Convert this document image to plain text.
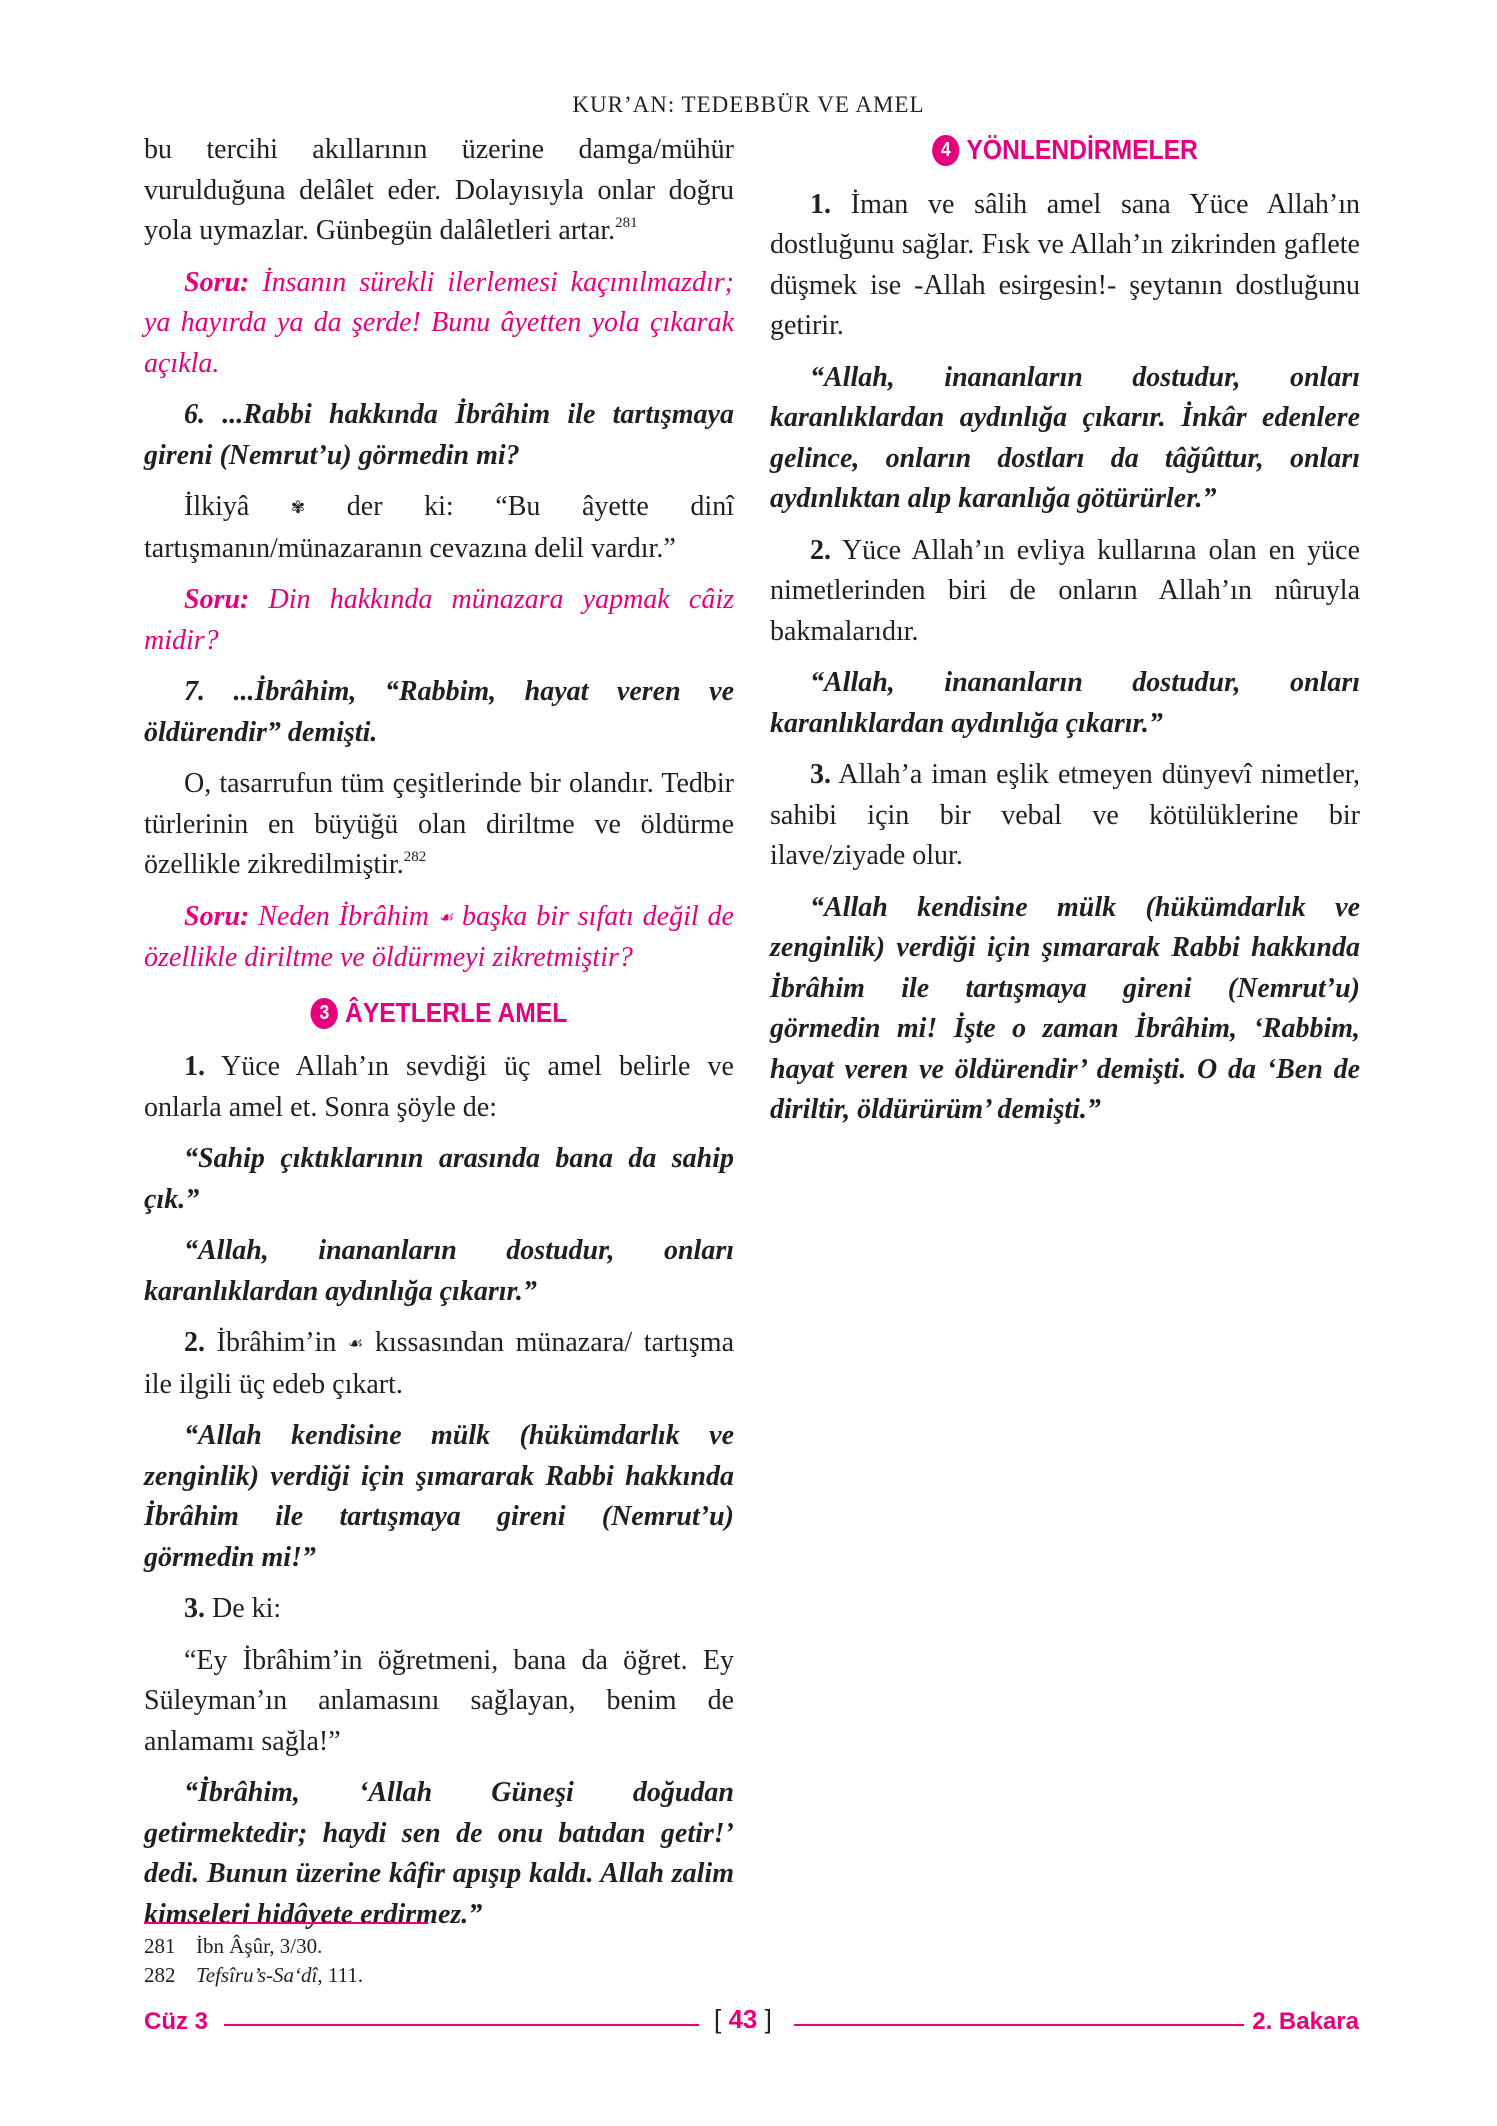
KUR’AN: TEDEBBÜR VE AMEL

bu tercihi akıllarının üzerine damga/mühür vurulduğuna delâlet eder. Dolayısıyla onlar doğru yola uymazlar. Günbegün dalâletleri artar.$^{281}$

Soru: İnsanın sürekli ilerlemesi kaçınılmazdır; ya hayırda ya da şerde! Bunu âyetten yola çıkarak açıkla.

6. ...Rabbi hakkında İbrâhim ile tartışmaya gireni (Nemrut’u) görmedin mi?

İlkiyâ ✾ der ki: “Bu âyette dinî tartışmanın/münazaranın cevazına delil vardır.”

Soru: Din hakkında münazara yapmak câiz midir?

7. ...İbrâhim, “Rabbim, hayat veren ve öldürendir” demişti.

O, tasarrufun tüm çeşitlerinde bir olandır. Tedbir türlerinin en büyüğü olan diriltme ve öldürme özellikle zikredilmiştir.$^{282}$

Soru: Neden İbrâhim ☙ başka bir sıfatı değil de özellikle diriltme ve öldürmeyi zikretmiştir?

3 ÂYETLERLE AMEL

1. Yüce Allah’ın sevdiği üç amel belirle ve onlarla amel et. Sonra şöyle de:

“Sahip çıktıklarının arasında bana da sahip çık.”

“Allah, inananların dostudur, onları karanlıklardan aydınlığa çıkarır.”

2. İbrâhim’in ☙ kıssasından münazara/ tartışma ile ilgili üç edeb çıkart.

“Allah kendisine mülk (hükümdarlık ve zenginlik) verdiği için şımararak Rabbi hakkında İbrâhim ile tartışmaya gireni (Nemrut’u) görmedin mi!”

3. De ki:

“Ey İbrâhim’in öğretmeni, bana da öğret. Ey Süleyman’ın anlamasını sağlayan, benim de anlamamı sağla!”

“İbrâhim, ‘Allah Güneşi doğudan getirmektedir; haydi sen de onu batıdan getir!’ dedi. Bunun üzerine kâfir apışıp kaldı. Allah zalim kimseleri hidâyete erdirmez.”

4 YÖNLENDİRMELER

1. İman ve sâlih amel sana Yüce Allah’ın dostluğunu sağlar. Fısk ve Allah’ın zikrinden gaflete düşmek ise -Allah esirgesin!- şeytanın dostluğunu getirir.

“Allah, inananların dostudur, onları karanlıklardan aydınlığa çıkarır. İnkâr edenlere gelince, onların dostları da tâğûttur, onları aydınlıktan alıp karanlığa götürürler.”

2. Yüce Allah’ın evliya kullarına olan en yüce nimetlerinden biri de onların Allah’ın nûruyla bakmalarıdır.

“Allah, inananların dostudur, onları karanlıklardan aydınlığa çıkarır.”

3. Allah’a iman eşlik etmeyen dünyevî nimetler, sahibi için bir vebal ve kötülüklerine bir ilave/ziyade olur.

“Allah kendisine mülk (hükümdarlık ve zenginlik) verdiği için şımararak Rabbi hakkında İbrâhim ile tartışmaya gireni (Nemrut’u) görmedin mi! İşte o zaman İbrâhim, ‘Rabbim, hayat veren ve öldürendir’ demişti. O da ‘Ben de diriltir, öldürürüm’ demişti.”

281 İbn Âşûr, 3/30.
282 Tefsîru’s-Sa‘dî, 111.
Cüz 3	[ 43 ]	2. Bakara
